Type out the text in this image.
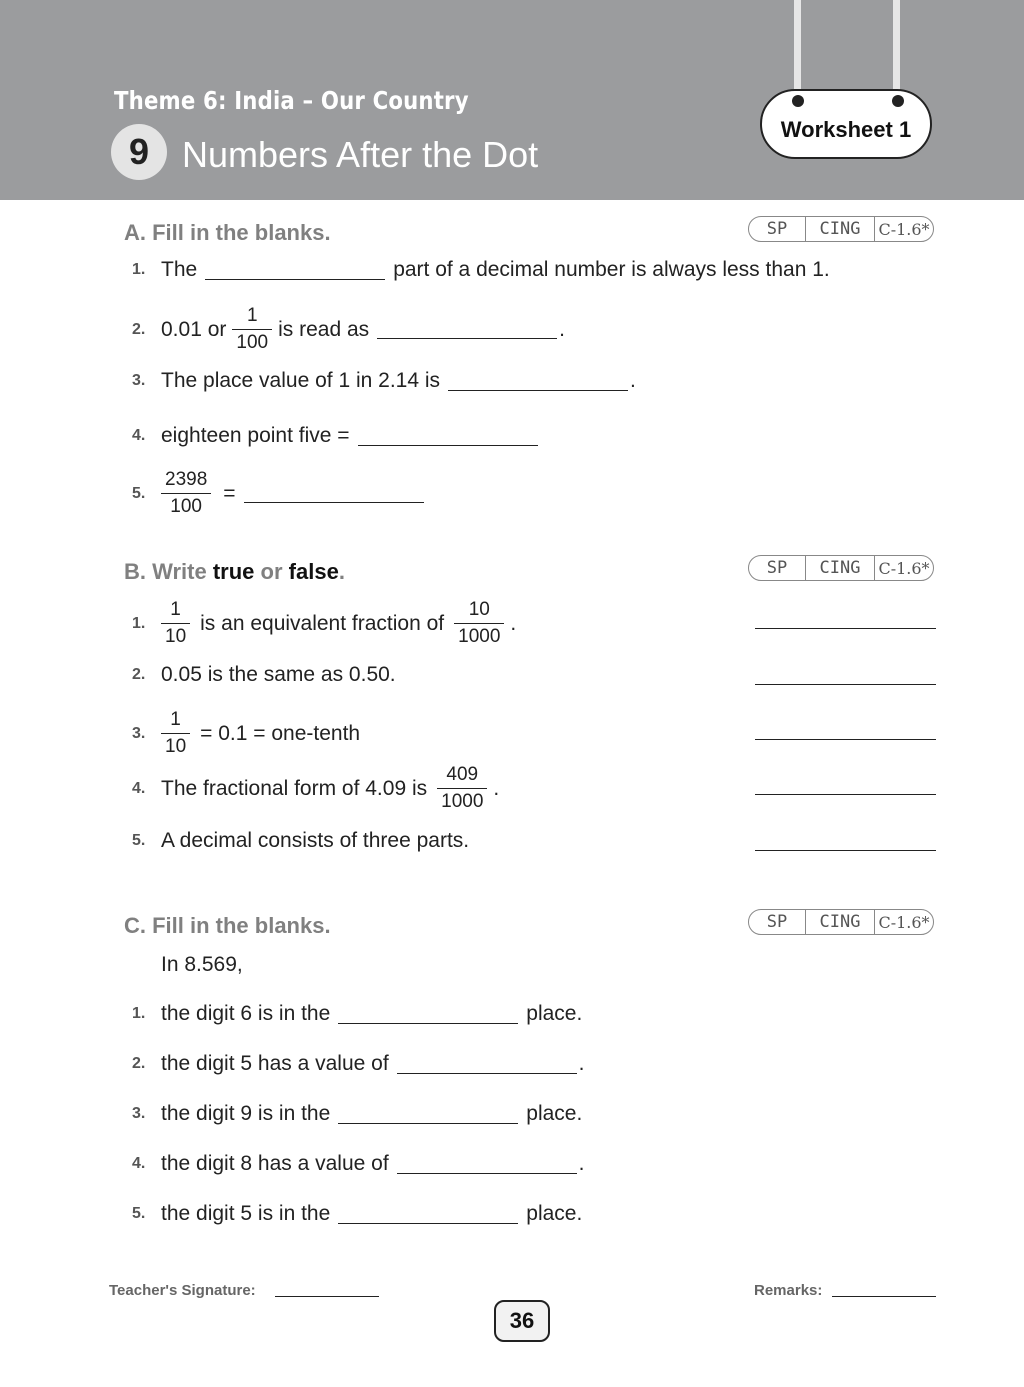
Theme 6: India – Our Country
9 Numbers After the Dot
Worksheet 1
A. Fill in the blanks.	SP	CING	C-1.6*
1. The	part of a decimal number is always less than 1.
2. 0.01 or $\frac{1}{100}$ is read as	.
3. The place value of 1 in 2.14 is	.
4. eighteen point five =
5. $\frac{2398}{100}$ =
B. Write true or false.	SP	CING	C-1.6*
1. $\frac{1}{10}$ is an equivalent fraction of $\frac{10}{1000}$ .
2. 0.05 is the same as 0.50.
3. $\frac{1}{10} = 0.1$ = one-tenth
4. The fractional form of 4.09 is $\frac{409}{1000}$ .
5. A decimal consists of three parts.
C. Fill in the blanks.	SP	CING	C-1.6*
In 8.569,
1. the digit 6 is in the	place.
2. the digit 5 has a value of	.
3. the digit 9 is in the	place.
4. the digit 8 has a value of	.
5. the digit 5 is in the	place.
Teacher's Signature:	Remarks:
36
